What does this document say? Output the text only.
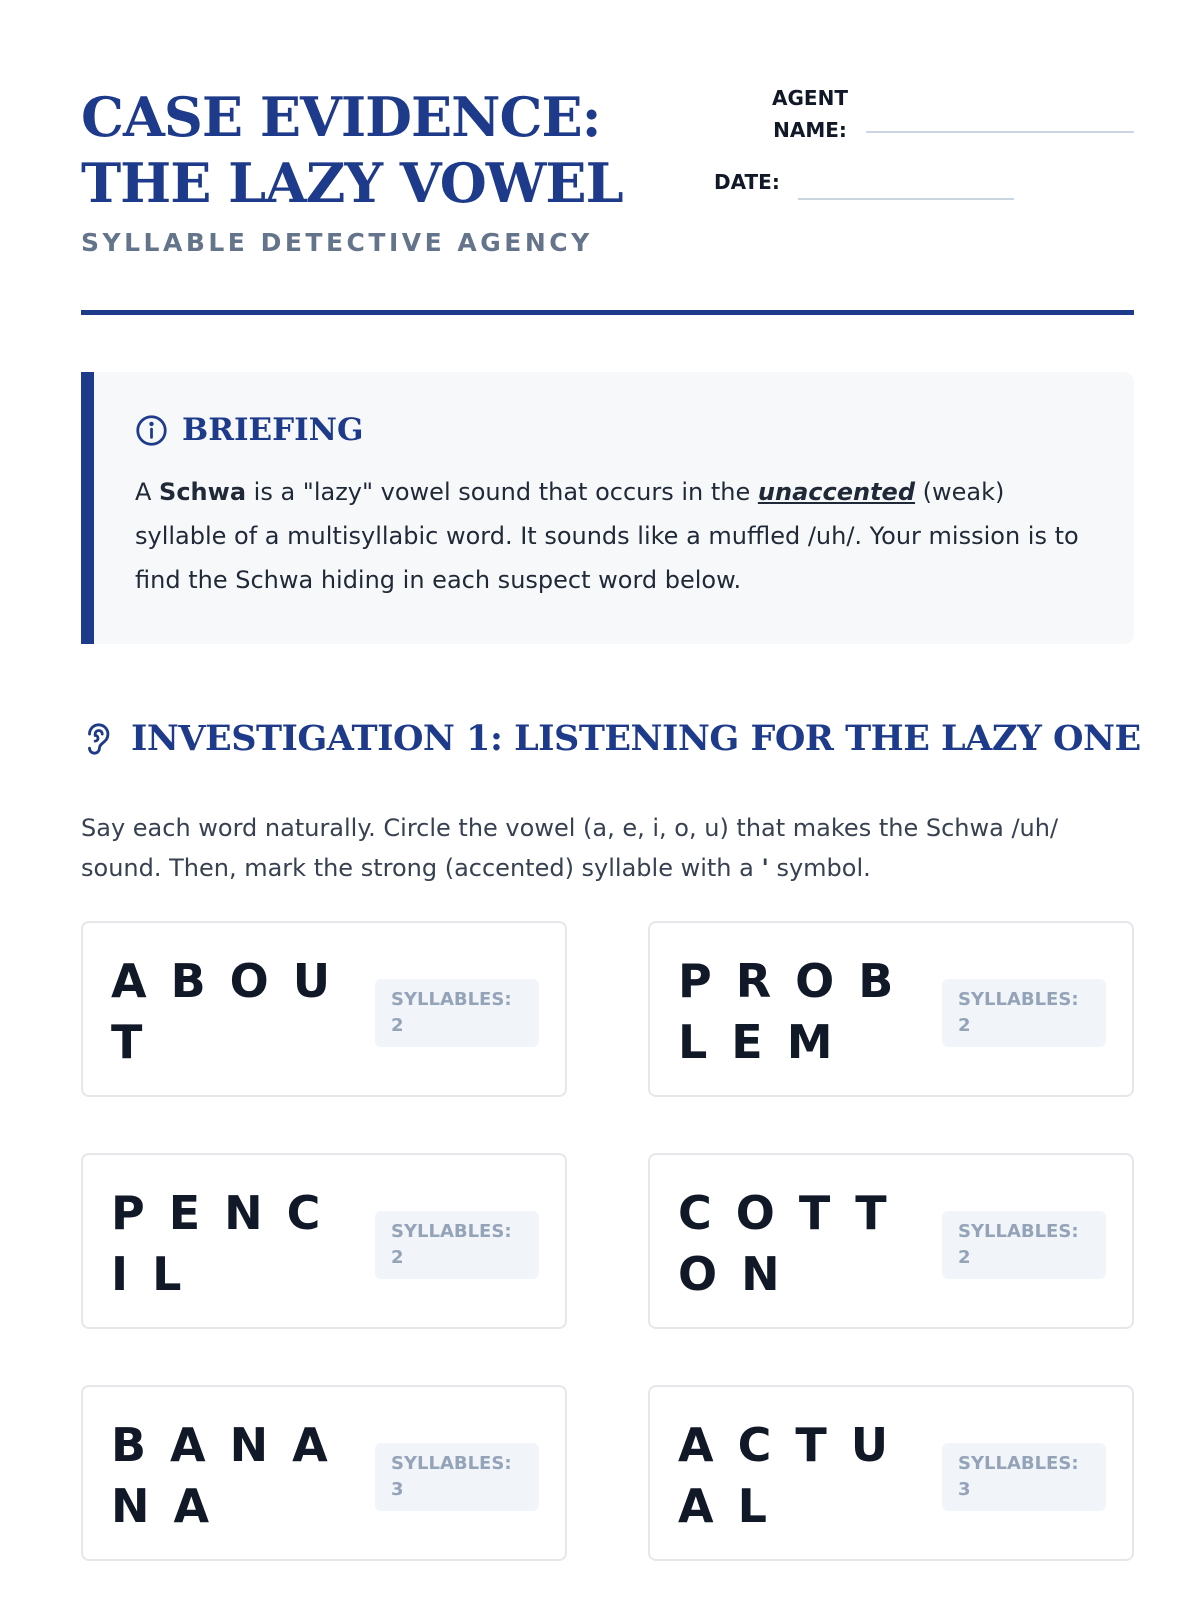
CASE EVIDENCE: THE LAZY VOWEL
SYLLABLE DETECTIVE AGENCY
AGENT NAME:
DATE:
BRIEFING

A Schwa is a "lazy" vowel sound that occurs in the unaccented (weak) syllable of a multisyllabic word. It sounds like a muffled /uh/. Your mission is to find the Schwa hiding in each suspect word below.

INVESTIGATION 1: LISTENING FOR THE LAZY ONE

Say each word naturally. Circle the vowel (a, e, i, o, u) that makes the Schwa /uh/ sound. Then, mark the strong (accented) syllable with a ' symbol.

ABOUT
SYLLABLES:
2
PROBLEM
SYLLABLES:
2
PENCIL
SYLLABLES:
2
COTTON
SYLLABLES:
2
BANANA
SYLLABLES:
3
ACTUAL
SYLLABLES:
3
